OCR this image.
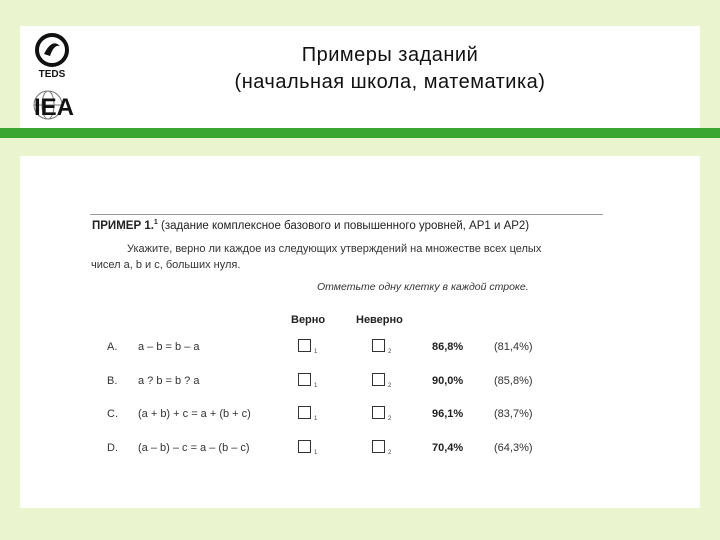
TEDS
IEA
Примеры заданий
(начальная школа, математика)
ПРИМЕР 1.$^1$ (задание комплексное базового и повышенного уровней, AP1 и AP2)
Укажите, верно ли каждое из следующих утверждений на множестве всех целых
чисел a, b и c, больших нуля.
Отметьте одну клетку в каждой строке.
Верно	Неверно
A. a – b = b – a	1	2	86,8%	(81,4%)
B. a ? b = b ? a	1	2	90,0%	(85,8%)
C. (a + b) + c = a + (b + c)	1	2	96,1%	(83,7%)
D. (a – b) – c = a – (b – c)	1	2	70,4%	(64,3%)
